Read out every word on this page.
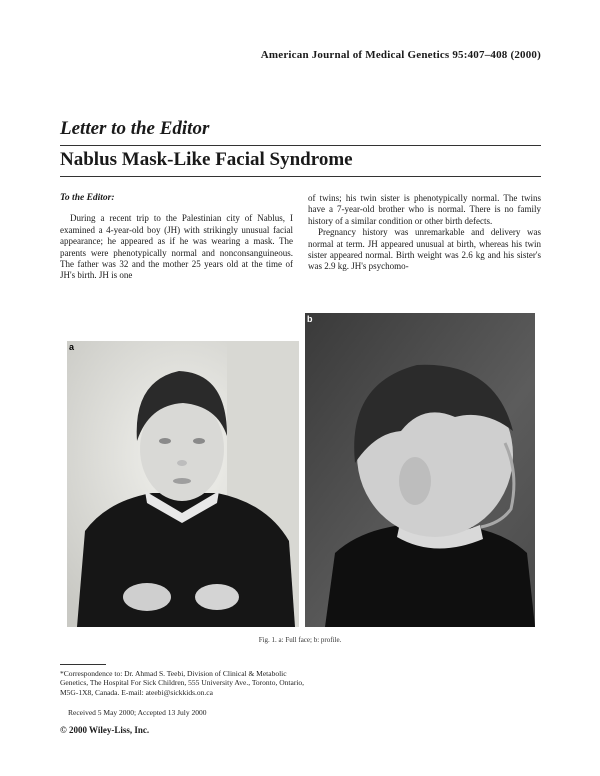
American Journal of Medical Genetics 95:407–408 (2000)
Letter to the Editor
Nablus Mask-Like Facial Syndrome
To the Editor:

During a recent trip to the Palestinian city of Nablus, I examined a 4-year-old boy (JH) with strikingly unusual facial appearance; he appeared as if he was wearing a mask. The parents were phenotypically normal and nonconsanguineous. The father was 32 and the mother 25 years old at the time of JH's birth. JH is one

of twins; his twin sister is phenotypically normal. The twins have a 7-year-old brother who is normal. There is no family history of a similar condition or other birth defects.

Pregnancy history was unremarkable and delivery was normal at term. JH appeared unusual at birth, whereas his twin sister appeared normal. Birth weight was 2.6 kg and his sister's was 2.9 kg. JH's psychomo-

a
b
Fig. 1. a: Full face; b: profile.
*Correspondence to: Dr. Ahmad S. Teebi, Division of Clinical & Metabolic Genetics, The Hospital For Sick Children, 555 University Ave., Toronto, Ontario, M5G-1X8, Canada. E-mail: ateebi@sickkids.on.ca
Received 5 May 2000; Accepted 13 July 2000
© 2000 Wiley-Liss, Inc.
